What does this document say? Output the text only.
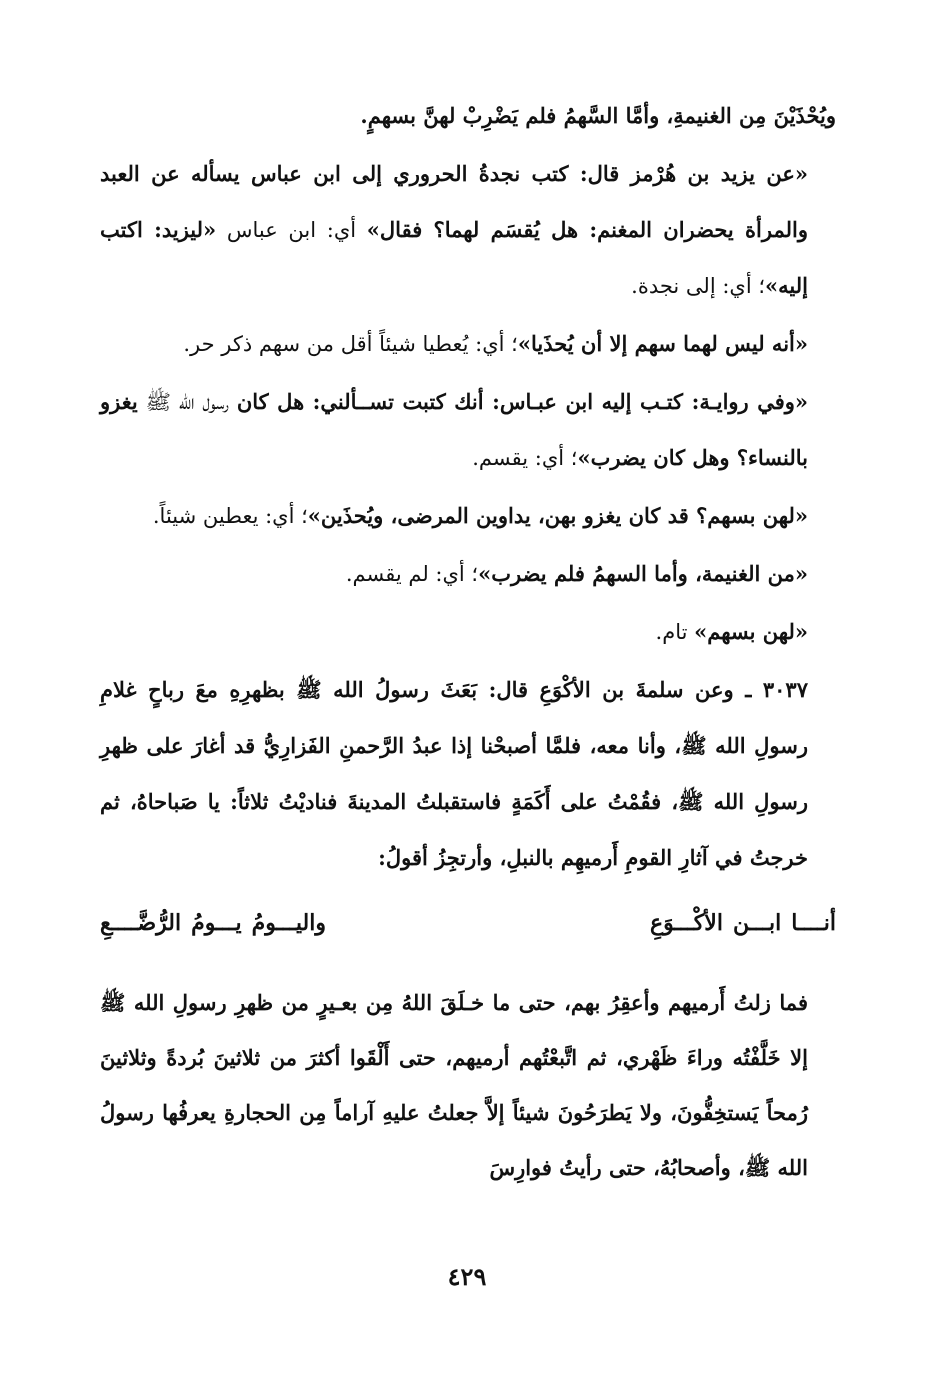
ويُحْذَيْنَ مِن الغنيمةِ، وأمَّا السَّهمُ فلم يَضْرِبْ لهنَّ بسهمٍ.

«عن يزيد بن هُرْمز قال: كتب نجدةُ الحروري إلى ابن عباس يسأله عن العبد والمرأة يحضران المغنم: هل يُقسَم لهما؟ فقال» أي: ابن عباس «ليزيد: اكتب إليه»؛ أي: إلى نجدة.

«أنه ليس لهما سهم إلا أن يُحذَيا»؛ أي: يُعطيا شيئاً أقل من سهم ذكر حر.

«وفي روايـة: كتـب إليه ابن عبـاس: أنك كتبت تســألني: هل كان رسول الله ﷺ يغزو بالنساء؟ وهل كان يضرب»؛ أي: يقسم.

«لهن بسهم؟ قد كان يغزو بهن، يداوين المرضى، ويُحذَين»؛ أي: يعطين شيئاً.

«من الغنيمة، وأما السهمُ فلم يضرب»؛ أي: لم يقسم.

«لهن بسهم» تام.

٣٠٣٧ ـ وعن سلمةَ بن الأكْوَعِ قال: بَعَثَ رسولُ الله ﷺ بظهرِهِ معَ رباحٍ غلامِ رسولِ الله ﷺ، وأنا معه، فلمَّا أصبحْنا إذا عبدُ الرَّحمنِ الفَزارِيُّ قد أغارَ على ظهرِ رسولِ الله ﷺ، فقُمْتُ على أَكَمَةٍ فاستقبلتُ المدينةَ فناديْتُ ثلاثاً: يا صَباحاهُ، ثم خرجتُ في آثارِ القومِ أَرميهِم بالنبلِ، وأرتجِزُ أقولُ:

أنــــا
ابـــن
الأكْـــوَعِ
واليـــومُ
يـــومُ
الرُّضَّــــعِ

فما زلتُ أَرميهم وأعقِرُ بهم، حتى ما خـلَقَ اللهُ مِن بعـيرٍ من ظهرِ رسولِ الله ﷺ إلا خَلَّفْتُه وراءَ ظَهْري، ثم اتَّبعْتُهم أرميهم، حتى أَلْقَوا أكثرَ من ثلاثينَ بُردةً وثلاثينَ رُمحاً يَستخِفُّونَ، ولا يَطرَحُونَ شيئاً إلاَّ جعلتُ عليهِ آراماً مِن الحجارةِ يعرفُها رسولُ الله ﷺ، وأصحابُهُ، حتى رأيتُ فوارِسَ

٤٢٩
